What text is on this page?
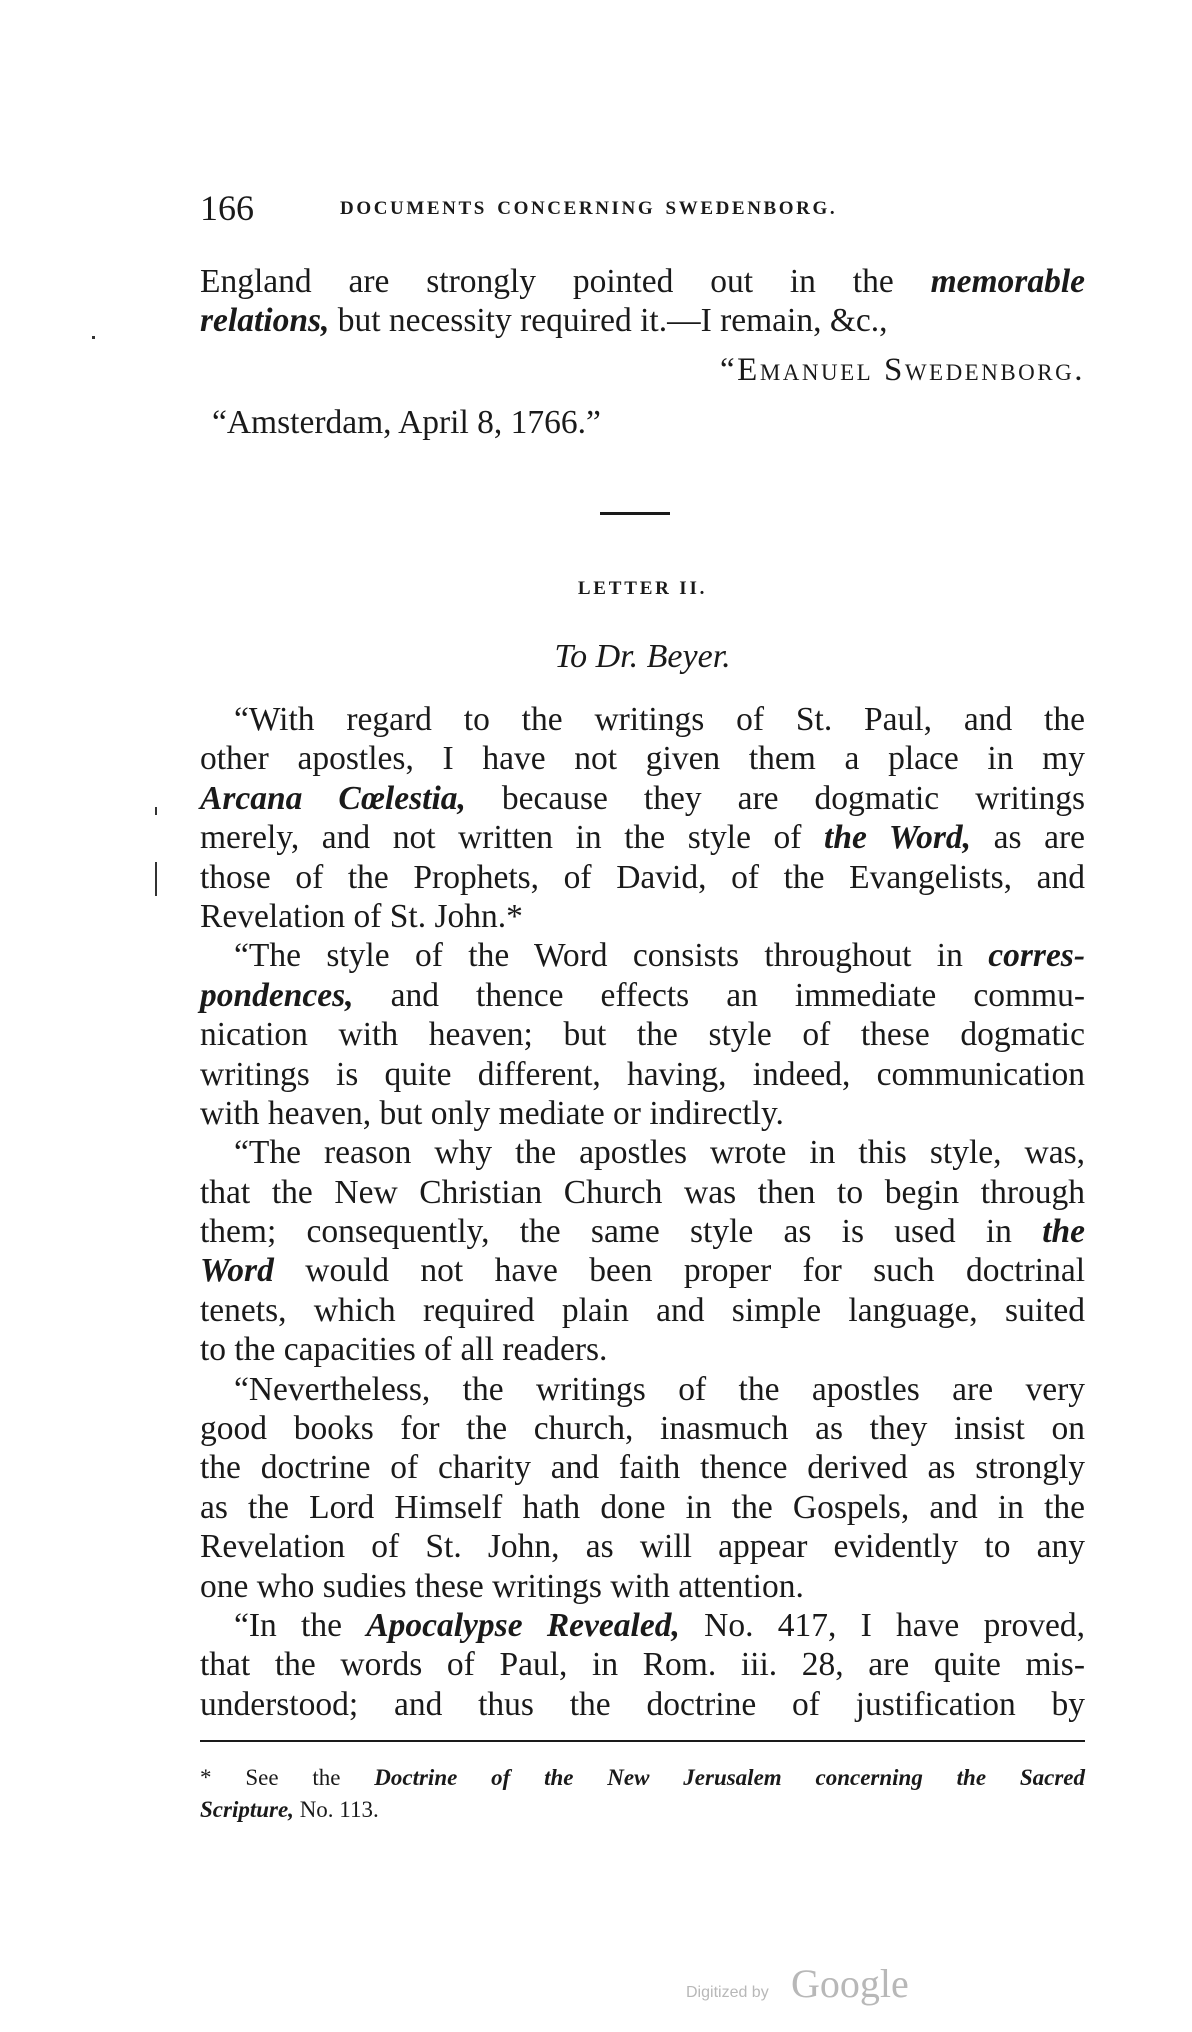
166	DOCUMENTS CONCERNING SWEDENBORG.
England are strongly pointed out in the memorable
relations, but necessity required it.—I remain, &c.,
“Emanuel Swedenborg.
“Amsterdam, April 8, 1766.”
LETTER II.
To Dr. Beyer.
“With regard to the writings of St. Paul, and the
other apostles, I have not given them a place in my
Arcana Cœlestia, because they are dogmatic writings
merely, and not written in the style of the Word, as are
those of the Prophets, of David, of the Evangelists, and
Revelation of St. John.*
“The style of the Word consists throughout in corres-
pondences, and thence effects an immediate commu-
nication with heaven; but the style of these dogmatic
writings is quite different, having, indeed, communication
with heaven, but only mediate or indirectly.
“The reason why the apostles wrote in this style, was,
that the New Christian Church was then to begin through
them; consequently, the same style as is used in the
Word would not have been proper for such doctrinal
tenets, which required plain and simple language, suited
to the capacities of all readers.
“Nevertheless, the writings of the apostles are very
good books for the church, inasmuch as they insist on
the doctrine of charity and faith thence derived as strongly
as the Lord Himself hath done in the Gospels, and in the
Revelation of St. John, as will appear evidently to any
one who sudies these writings with attention.
“In the Apocalypse Revealed, No. 417, I have proved,
that the words of Paul, in Rom. iii. 28, are quite mis-
understood; and thus the doctrine of justification by
* See the Doctrine of the New Jerusalem concerning the Sacred
Scripture, No. 113.
Digitized by Google
